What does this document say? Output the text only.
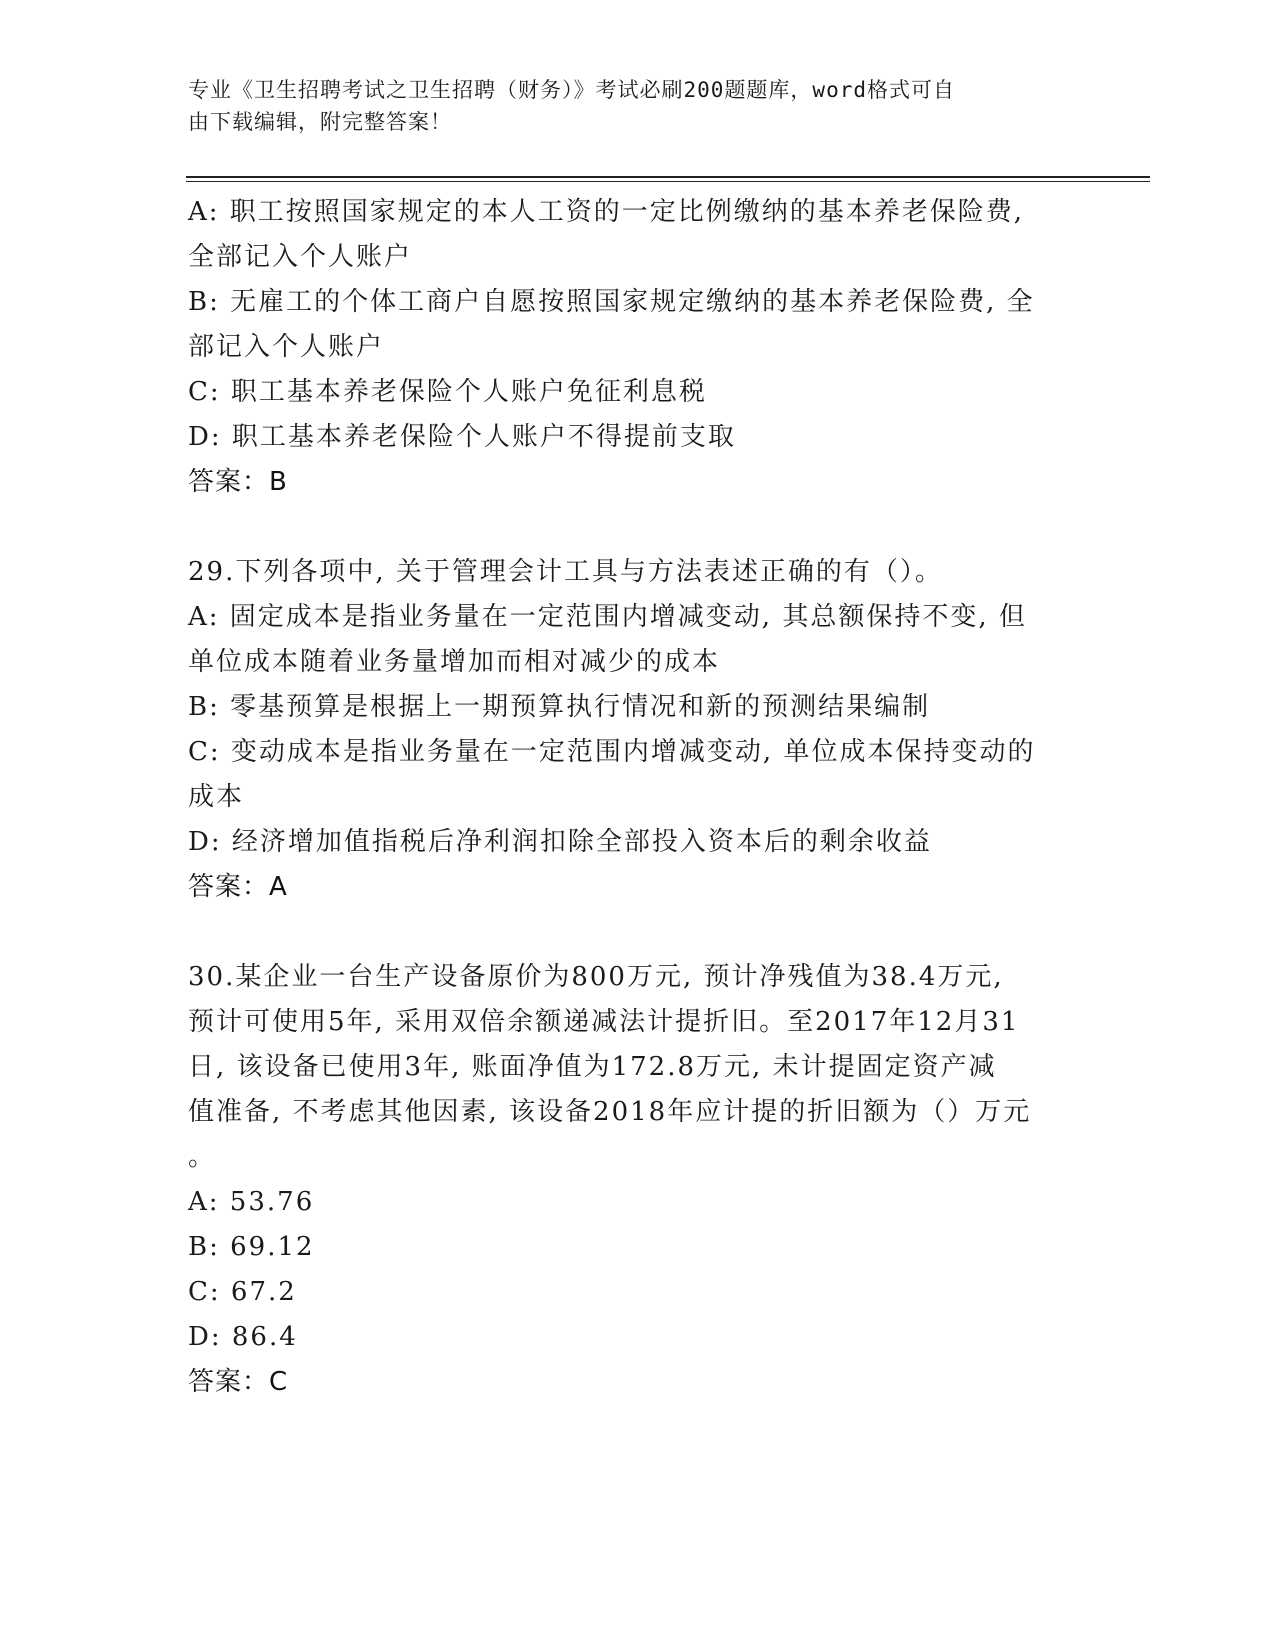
专业《卫生招聘考试之卫生招聘（财务）》考试必刷200题题库，word格式可自
由下载编辑，附完整答案！
A: 职工按照国家规定的本人工资的一定比例缴纳的基本养老保险费,
全部记入个人账户
B: 无雇工的个体工商户自愿按照国家规定缴纳的基本养老保险费, 全
部记入个人账户
C: 职工基本养老保险个人账户免征利息税
D: 职工基本养老保险个人账户不得提前支取
答案：B
29.下列各项中, 关于管理会计工具与方法表述正确的有（）。
A: 固定成本是指业务量在一定范围内增减变动, 其总额保持不变, 但
单位成本随着业务量增加而相对减少的成本
B: 零基预算是根据上一期预算执行情况和新的预测结果编制
C: 变动成本是指业务量在一定范围内增减变动, 单位成本保持变动的
成本
D: 经济增加值指税后净利润扣除全部投入资本后的剩余收益
答案：A
30.某企业一台生产设备原价为800万元, 预计净残值为38.4万元,
预计可使用5年, 采用双倍余额递减法计提折旧。至2017年12月31
日, 该设备已使用3年, 账面净值为172.8万元, 未计提固定资产减
值准备, 不考虑其他因素, 该设备2018年应计提的折旧额为（）万元
。
A: 53.76
B: 69.12
C: 67.2
D: 86.4
答案：C
